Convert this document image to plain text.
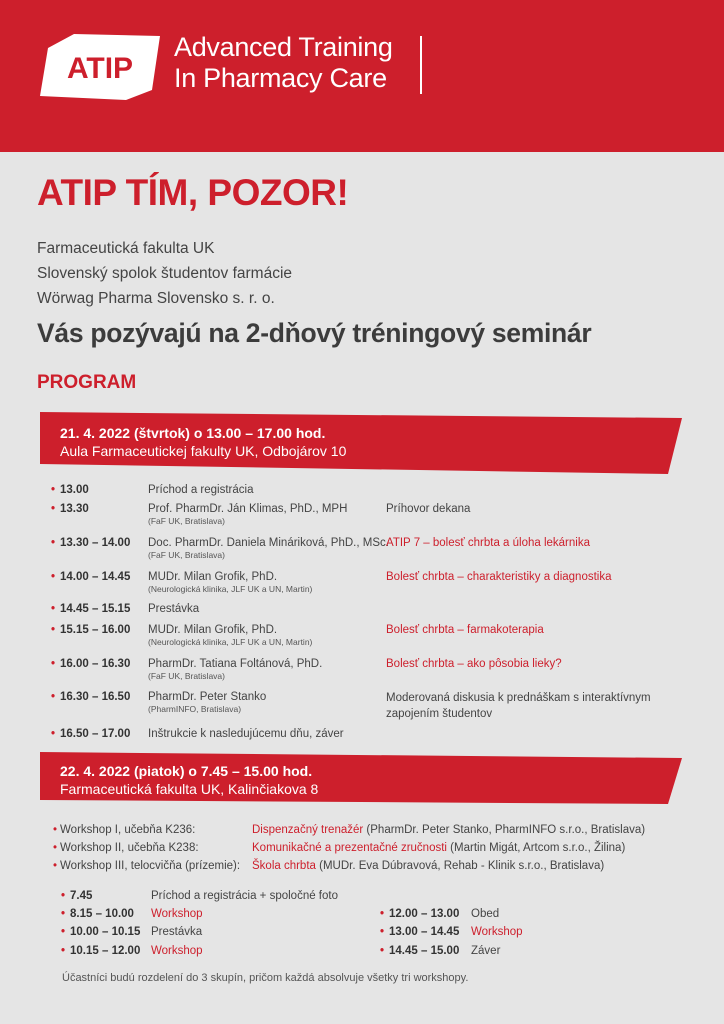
ATIP
Advanced Training
In Pharmacy Care
ATIP TÍM, POZOR!
Farmaceutická fakulta UK
Slovenský spolok študentov farmácie
Wörwag Pharma Slovensko s. r. o.
Vás pozývajú na 2-dňový tréningový seminár
PROGRAM
21. 4. 2022 (štvrtok) o 13.00 – 17.00 hod.
Aula Farmaceutickej fakulty UK, Odbojárov 10
• 13.00	Príchod a registrácia
• 13.30	Prof. PharmDr. Ján Klimas, PhD., MPH
(FaF UK, Bratislava)
Príhovor dekana
• 13.30 – 14.00 Doc. PharmDr. Daniela Mináriková, PhD., MSc.
(FaF UK, Bratislava)
ATIP 7 – bolesť chrbta a úloha lekárnika
• 14.00 – 14.45 MUDr. Milan Grofik, PhD.
(Neurologická klinika, JLF UK a UN, Martin)
Bolesť chrbta – charakteristiky a diagnostika
• 14.45 – 15.15 Prestávka
• 15.15 – 16.00 MUDr. Milan Grofik, PhD.
(Neurologická klinika, JLF UK a UN, Martin)
Bolesť chrbta – farmakoterapia
• 16.00 – 16.30 PharmDr. Tatiana Foltánová, PhD.
(FaF UK, Bratislava)
Bolesť chrbta – ako pôsobia lieky?
• 16.30 – 16.50 PharmDr. Peter Stanko
(PharmINFO, Bratislava)
Moderovaná diskusia k prednáškam s interaktívnym zapojením študentov
• 16.50 – 17.00 Inštrukcie k nasledujúcemu dňu, záver
22. 4. 2022 (piatok) o 7.45 – 15.00 hod.
Farmaceutická fakulta UK, Kalinčiakova 8
• Workshop I, učebňa K236:	Dispenzačný trenažér (PharmDr. Peter Stanko, PharmINFO s.r.o., Bratislava)
• Workshop II, učebňa K238:	Komunikačné a prezentačné zručnosti (Martin Migát, Artcom s.r.o., Žilina)
• Workshop III, telocvičňa (prízemie): Škola chrbta (MUDr. Eva Dúbravová, Rehab - Klinik s.r.o., Bratislava)
• 7.45	Príchod a registrácia + spoločné foto
• 8.15 – 10.00 Workshop
• 10.00 – 10.15 Prestávka
• 10.15 – 12.00 Workshop
• 12.00 – 13.00 Obed
• 13.00 – 14.45 Workshop
• 14.45 – 15.00 Záver
Účastníci budú rozdelení do 3 skupín, pričom každá absolvuje všetky tri workshopy.
